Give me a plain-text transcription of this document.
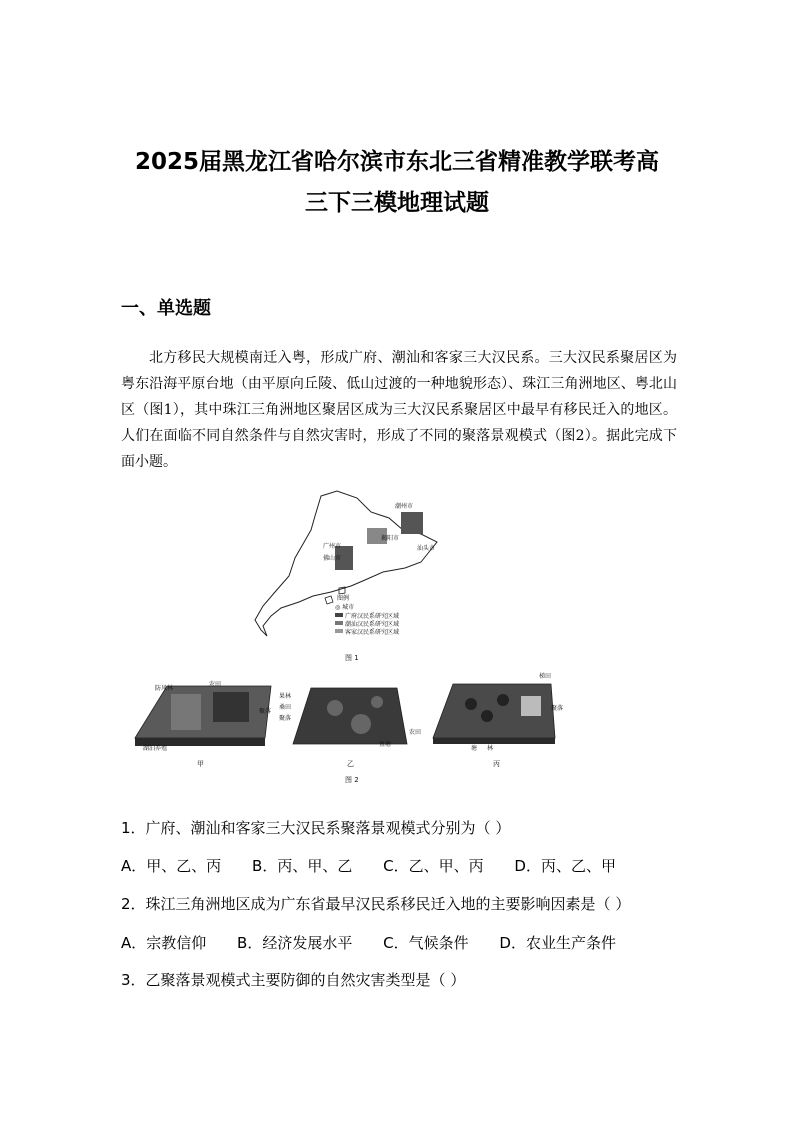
2025届黑龙江省哈尔滨市东北三省精准教学联考高
三下三模地理试题
一、单选题
北方移民大规模南迁入粤，形成广府、潮汕和客家三大汉民系。三大汉民系聚居区为粤东沿海平原台地（由平原向丘陵、低山过渡的一种地貌形态）、珠江三角洲地区、粤北山区（图1），其中珠江三角洲地区聚居区成为三大汉民系聚居区中最早有移民迁入的地区。人们在面临不同自然条件与自然灾害时，形成了不同的聚落景观模式（图2）。据此完成下面小题。
潮州市
广州市
揭阳市
佛山市
汕头市
图例
◎ 城市
广府汉民系研究区域
潮汕汉民系研究区域
客家汉民系研究区域
图 1
防风林
农田
聚落
湖泊养殖
甲
果林
桑田
聚落
农田
鱼塘
乙
梯田
聚落
塘 林
丙
图 2
1．广府、潮汕和客家三大汉民系聚落景观模式分别为（ ）
A．甲、乙、丙 B．丙、甲、乙 C．乙、甲、丙 D．丙、乙、甲
2．珠江三角洲地区成为广东省最早汉民系移民迁入地的主要影响因素是（ ）
A．宗教信仰 B．经济发展水平 C．气候条件 D．农业生产条件
3．乙聚落景观模式主要防御的自然灾害类型是（ ）
